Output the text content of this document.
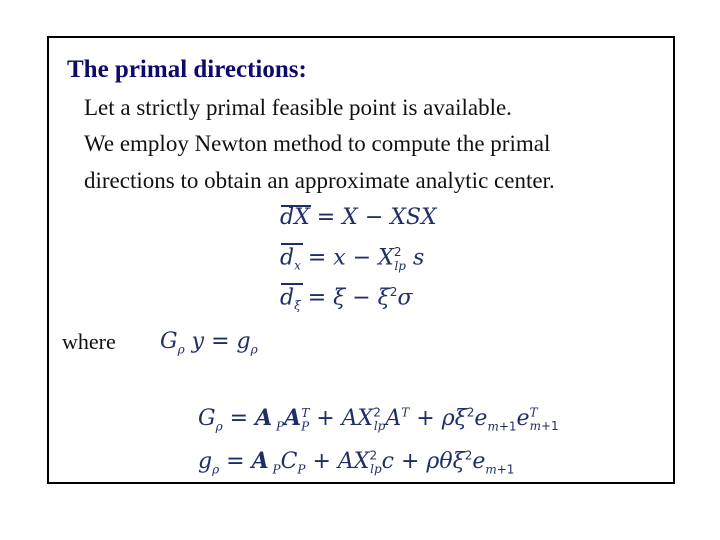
The primal directions:
Let a strictly primal feasible point is available.
We employ Newton method to compute the primal
directions to obtain an approximate analytic center.
dX = X − XSX
$d_x = x - X^2_{lp}$ s
$d_\xi = \xi - \xi^2\sigma$
where $G_\rho$ $y = g_\rho$
$G_\rho = A$ $_PA_P^T + AX^2_{lp}A^T + \rho\xi^2e_{m+1}e^T_{m+1}$
$g_\rho = A$ $_PC_P + AX^2_{lp}c + \rho\theta\xi^2e_{m+1}$
